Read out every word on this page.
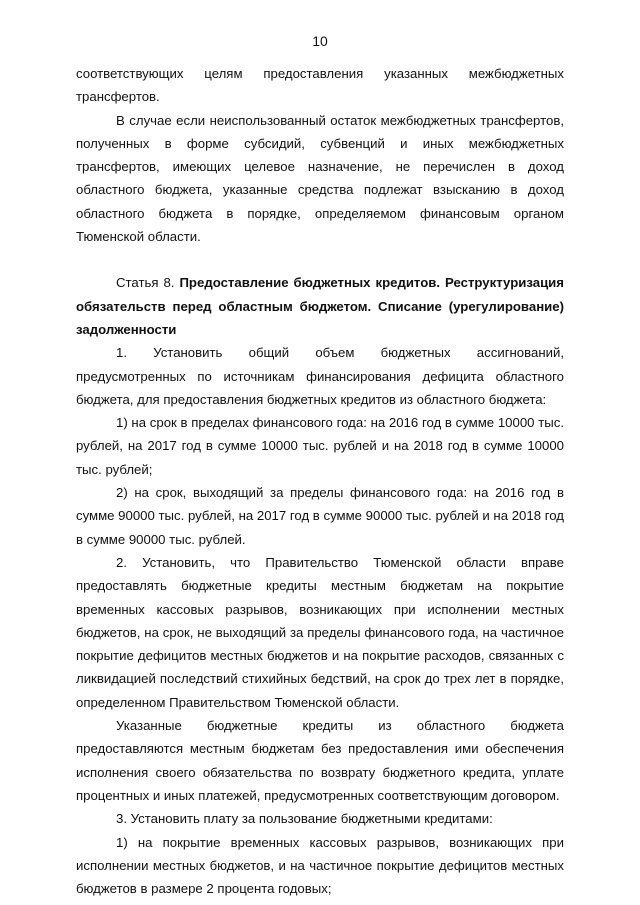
10

соответствующих целям предоставления указанных межбюджетных

трансфертов.

В случае если неиспользованный остаток межбюджетных трансфертов, полученных в форме субсидий, субвенций и иных межбюджетных трансфертов, имеющих целевое назначение, не перечислен в доход областного бюджета, указанные средства подлежат взысканию в доход областного бюджета в порядке, определяемом финансовым органом Тюменской области.

Статья 8. Предоставление бюджетных кредитов. Реструктуризация обязательств перед областным бюджетом. Списание (урегулирование) задолженности

1. Установить общий объем бюджетных ассигнований, предусмотренных по источникам финансирования дефицита областного бюджета, для предоставления бюджетных кредитов из областного бюджета:

1) на срок в пределах финансового года: на 2016 год в сумме 10000 тыс. рублей, на 2017 год в сумме 10000 тыс. рублей и на 2018 год в сумме 10000 тыс. рублей;

2) на срок, выходящий за пределы финансового года: на 2016 год в сумме 90000 тыс. рублей, на 2017 год в сумме 90000 тыс. рублей и на 2018 год в сумме 90000 тыс. рублей.

2. Установить, что Правительство Тюменской области вправе предоставлять бюджетные кредиты местным бюджетам на покрытие временных кассовых разрывов, возникающих при исполнении местных бюджетов, на срок, не выходящий за пределы финансового года, на частичное покрытие дефицитов местных бюджетов и на покрытие расходов, связанных с ликвидацией последствий стихийных бедствий, на срок до трех лет в порядке, определенном Правительством Тюменской области.

Указанные бюджетные кредиты из областного бюджета предоставляются местным бюджетам без предоставления ими обеспечения исполнения своего обязательства по возврату бюджетного кредита, уплате процентных и иных платежей, предусмотренных соответствующим договором.

3. Установить плату за пользование бюджетными кредитами:

1) на покрытие временных кассовых разрывов, возникающих при исполнении местных бюджетов, и на частичное покрытие дефицитов местных бюджетов в размере 2 процента годовых;
